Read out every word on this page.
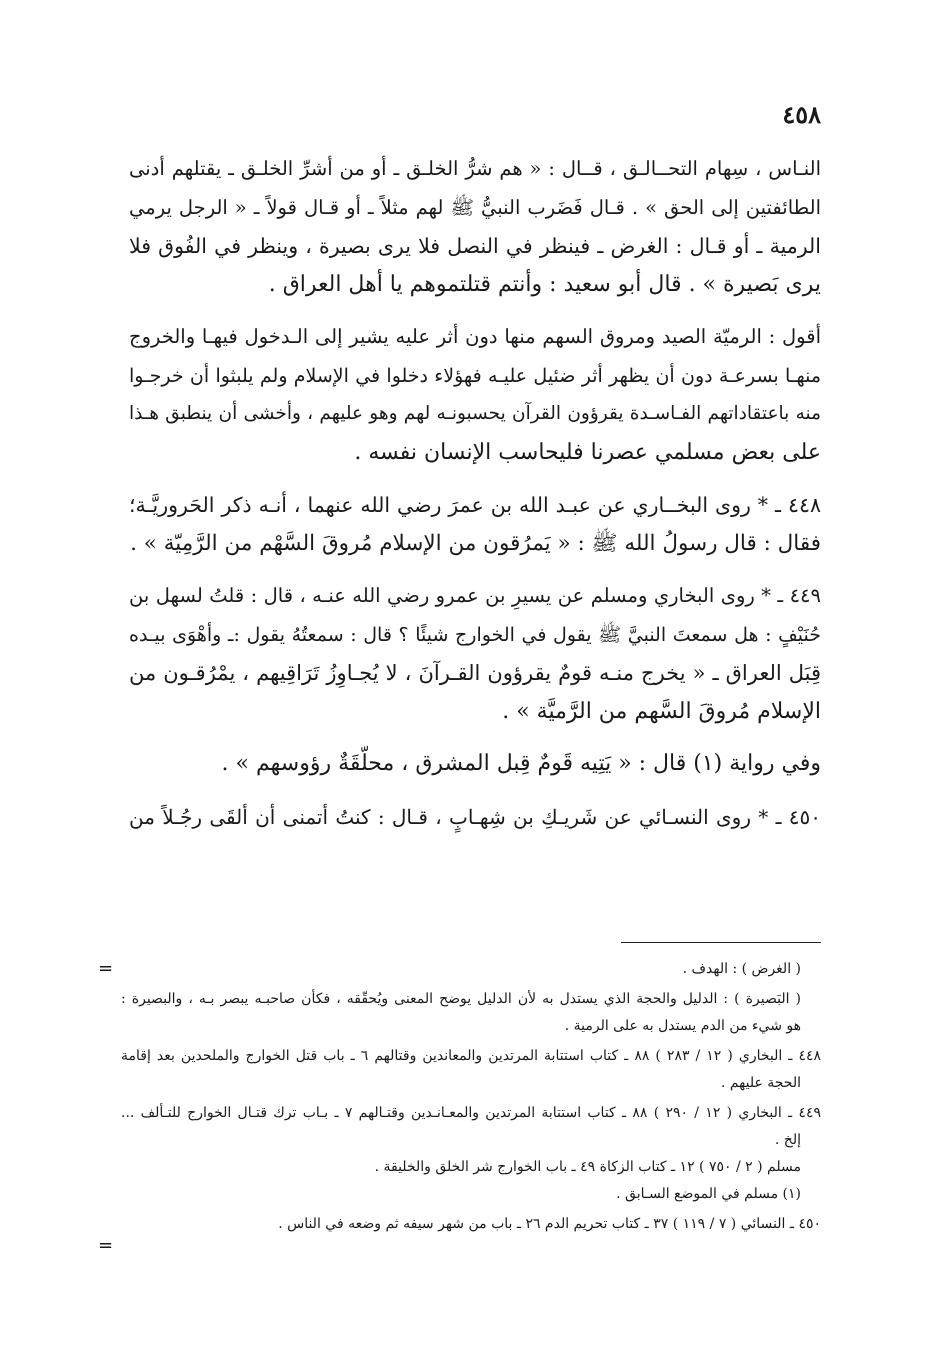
٤٥٨

النـاس ، سِهام التحــالـق ، قــال : « هم شرُّ الخلـق ـ أو من أشرِّ الخلـق ـ يقتلهم أدنى
الطائفتين إلى الحق » . قـال فَضَرب النبيُّ ﷺ لهم مثلاً ـ أو قـال قولاً ـ « الرجل يرمي
الرمية ـ أو قـال : الغرض ـ فينظر في النصل فلا يرى بصيرة ، وينظر في الفُوق فلا
يرى بَصيرة » . قال أبو سعيد : وأنتم قتلتموهم يا أهل العراق .

أقول : الرميّة الصيد ومروق السهم منها دون أثر عليه يشير إلى الـدخول فيهـا والخروج
منهـا بسرعـة دون أن يظهر أثر ضئيل عليـه فهؤلاء دخلوا في الإسلام ولم يلبثوا أن خرجـوا
منه باعتقاداتهم الفـاسـدة يقرؤون القرآن يحسبونـه لهم وهو عليهم ، وأخشى أن ينطبق هـذا
على بعض مسلمي عصرنا فليحاسب الإنسان نفسه .

٤٤٨ ـ * روى البخــاري عن عبـد الله بن عمرَ رضي الله عنهما ، أنـه ذكر الحَروريَّـة؛
فقال : قال رسولُ الله ﷺ : « يَمرُقون من الإسلام مُروقَ السَّهْم من الرَّمِيّة » .

٤٤٩ ـ * روى البخاري ومسلم عن يسيرِ بن عمرو رضي الله عنـه ، قال : قلتُ لسهل بن
حُنَيْفٍ : هل سمعتَ النبيَّ ﷺ يقول في الخوارج شيئًا ؟ قال : سمعتُهُ يقول :ـ وأهْوَى بيـده
قِبَل العراق ـ « يخرج منـه قومٌ يقرؤون القـرآنَ ، لا يُجـاوِزُ تَرَاقِيهم ، يمْرُقـون من
الإسلام مُروقَ السَّهم من الرَّميَّة » .

وفي رواية (١) قال : « يَتِيه قَومٌ قِبل المشرق ، محلّقَةٌ رؤوسهم » .

٤٥٠ ـ * روى النسـائي عن شَريـكِ بن شِهـابٍ ، قـال : كنتُ أتمنى أن ألقَى رجُـلاً من

=
=
( الغرض ) : الهدف .
( البَصيرة ) : الدليل والحجة الذي يستدل به لأن الدليل يوضح المعنى ويُحقّقه ، فكأن صاحبـه يبصر بـه ، والبصيرة :
هو شيء من الدم يستدل به على الرمية .
٤٤٨ ـ البخاري ( ١٢ / ٢٨٣ ) ٨٨ ـ كتاب استتابة المرتدين والمعاندين وقتالهم ٦ ـ باب قتل الخوارج والملحدين بعد إقامة
الحجة عليهم .
٤٤٩ ـ البخاري ( ١٢ / ٢٩٠ ) ٨٨ ـ كتاب استتابة المرتدين والمعـانـدين وقتـالهم ٧ ـ بـاب ترك قتـال الخوارج للتـألف ...
إلخ .
مسلم ( ٢ / ٧٥٠ ) ١٢ ـ كتاب الزكاة ٤٩ ـ باب الخوارج شر الخلق والخليقة .
(١) مسلم في الموضع السـابق .
٤٥٠ ـ النسائي ( ٧ / ١١٩ ) ٣٧ ـ كتاب تحريم الدم ٢٦ ـ باب من شهر سيفه ثم وضعه في الناس .
